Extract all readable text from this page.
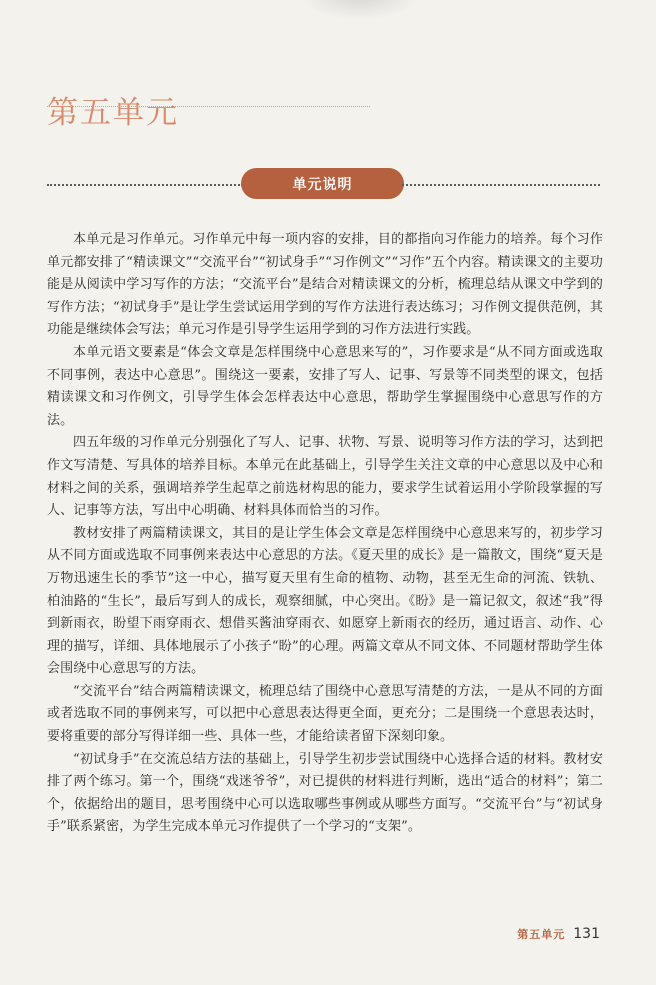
第五单元
单元说明

本单元是习作单元。习作单元中每一项内容的安排，目的都指向习作能力的培养。每个习作单元都安排了“精读课文”“交流平台”“初试身手”“习作例文”“习作”五个内容。精读课文的主要功能是从阅读中学习写作的方法；“交流平台”是结合对精读课文的分析，梳理总结从课文中学到的写作方法；“初试身手”是让学生尝试运用学到的写作方法进行表达练习；习作例文提供范例，其功能是继续体会写法；单元习作是引导学生运用学到的习作方法进行实践。

本单元语文要素是“体会文章是怎样围绕中心意思来写的”，习作要求是“从不同方面或选取不同事例，表达中心意思”。围绕这一要素，安排了写人、记事、写景等不同类型的课文，包括精读课文和习作例文，引导学生体会怎样表达中心意思，帮助学生掌握围绕中心意思写作的方法。

四五年级的习作单元分别强化了写人、记事、状物、写景、说明等习作方法的学习，达到把作文写清楚、写具体的培养目标。本单元在此基础上，引导学生关注文章的中心意思以及中心和材料之间的关系，强调培养学生起草之前选材构思的能力，要求学生试着运用小学阶段掌握的写人、记事等方法，写出中心明确、材料具体而恰当的习作。

教材安排了两篇精读课文，其目的是让学生体会文章是怎样围绕中心意思来写的，初步学习从不同方面或选取不同事例来表达中心意思的方法。《夏天里的成长》是一篇散文，围绕“夏天是万物迅速生长的季节”这一中心，描写夏天里有生命的植物、动物，甚至无生命的河流、铁轨、柏油路的“生长”，最后写到人的成长，观察细腻，中心突出。《盼》是一篇记叙文，叙述“我”得到新雨衣，盼望下雨穿雨衣、想借买酱油穿雨衣、如愿穿上新雨衣的经历，通过语言、动作、心理的描写，详细、具体地展示了小孩子“盼”的心理。两篇文章从不同文体、不同题材帮助学生体会围绕中心意思写的方法。

“交流平台”结合两篇精读课文，梳理总结了围绕中心意思写清楚的方法，一是从不同的方面或者选取不同的事例来写，可以把中心意思表达得更全面，更充分；二是围绕一个意思表达时，要将重要的部分写得详细一些、具体一些，才能给读者留下深刻印象。

“初试身手”在交流总结方法的基础上，引导学生初步尝试围绕中心选择合适的材料。教材安排了两个练习。第一个，围绕“戏迷爷爷”，对已提供的材料进行判断，选出“适合的材料”；第二个，依据给出的题目，思考围绕中心可以选取哪些事例或从哪些方面写。“交流平台”与“初试身手”联系紧密，为学生完成本单元习作提供了一个学习的“支架”。

第五单元 131
